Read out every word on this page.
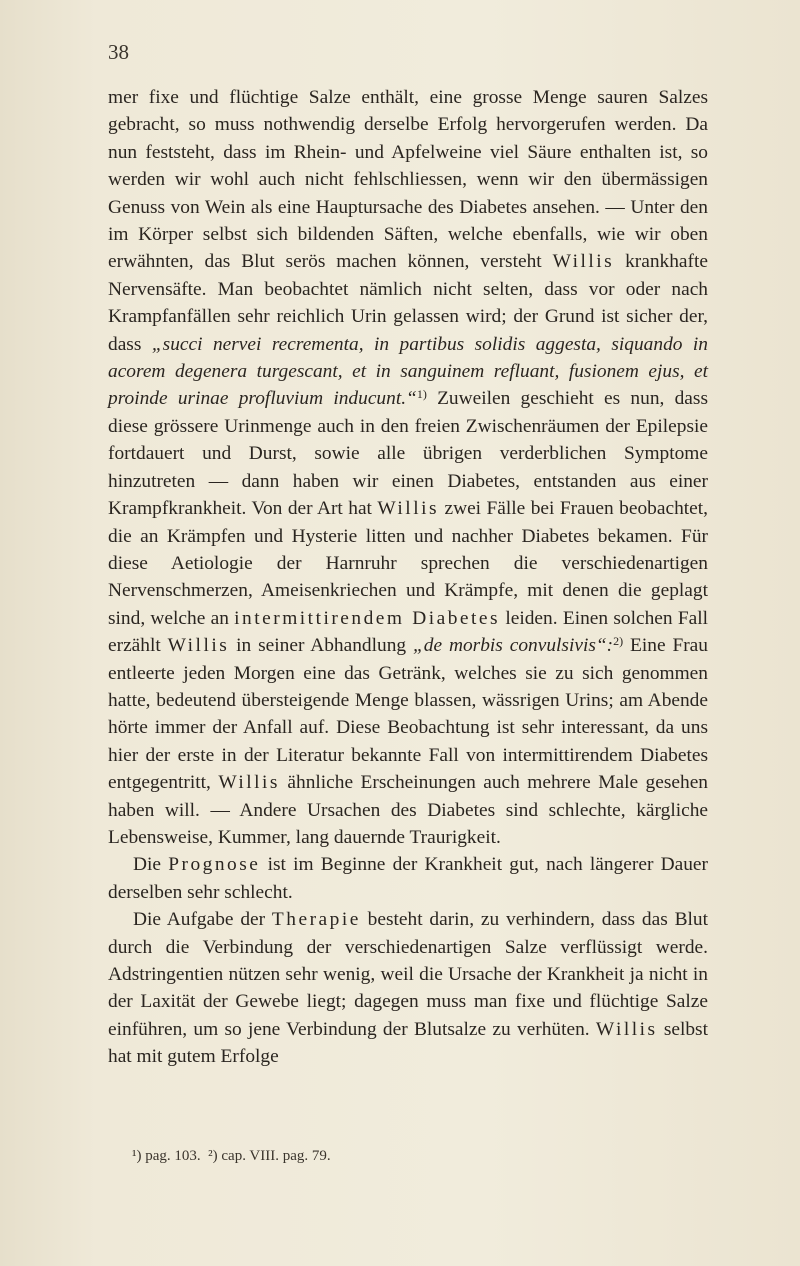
38

mer fixe und flüchtige Salze enthält, eine grosse Menge sauren Salzes gebracht, so muss nothwendig derselbe Erfolg hervorgerufen werden. Da nun feststeht, dass im Rhein- und Apfelweine viel Säure enthalten ist, so werden wir wohl auch nicht fehlschliessen, wenn wir den übermässigen Genuss von Wein als eine Hauptursache des Diabetes ansehen. — Unter den im Körper selbst sich bildenden Säften, welche ebenfalls, wie wir oben erwähnten, das Blut serös machen können, versteht Willis krankhafte Nervensäfte. Man beobachtet nämlich nicht selten, dass vor oder nach Krampfanfällen sehr reichlich Urin gelassen wird; der Grund ist sicher der, dass „succi nervei recrementa, in partibus solidis aggesta, siquando in acorem degenera turgescant, et in sanguinem refluant, fusionem ejus, et proinde urinae profluvium inducunt.“$^{1)}$ Zuweilen geschieht es nun, dass diese grössere Urinmenge auch in den freien Zwischenräumen der Epilepsie fortdauert und Durst, sowie alle übrigen verderblichen Symptome hinzutreten — dann haben wir einen Diabetes, entstanden aus einer Krampfkrankheit. Von der Art hat Willis zwei Fälle bei Frauen beobachtet, die an Krämpfen und Hysterie litten und nachher Diabetes bekamen. Für diese Aetiologie der Harnruhr sprechen die verschiedenartigen Nervenschmerzen, Ameisenkriechen und Krämpfe, mit denen die geplagt sind, welche an intermittirendem Diabetes leiden. Einen solchen Fall erzählt Willis in seiner Abhandlung „de morbis convulsivis“:$^{2)}$ Eine Frau entleerte jeden Morgen eine das Getränk, welches sie zu sich genommen hatte, bedeutend übersteigende Menge blassen, wässrigen Urins; am Abende hörte immer der Anfall auf. Diese Beobachtung ist sehr interessant, da uns hier der erste in der Literatur bekannte Fall von intermittirendem Diabetes entgegentritt, Willis ähnliche Erscheinungen auch mehrere Male gesehen haben will. — Andere Ursachen des Diabetes sind schlechte, kärgliche Lebensweise, Kummer, lang dauernde Traurigkeit.

Die Prognose ist im Beginne der Krankheit gut, nach längerer Dauer derselben sehr schlecht.

Die Aufgabe der Therapie besteht darin, zu verhindern, dass das Blut durch die Verbindung der verschiedenartigen Salze verflüssigt werde. Adstringentien nützen sehr wenig, weil die Ursache der Krankheit ja nicht in der Laxität der Gewebe liegt; dagegen muss man fixe und flüchtige Salze einführen, um so jene Verbindung der Blutsalze zu verhüten. Willis selbst hat mit gutem Erfolge

¹) pag. 103.  ²) cap. VIII. pag. 79.
